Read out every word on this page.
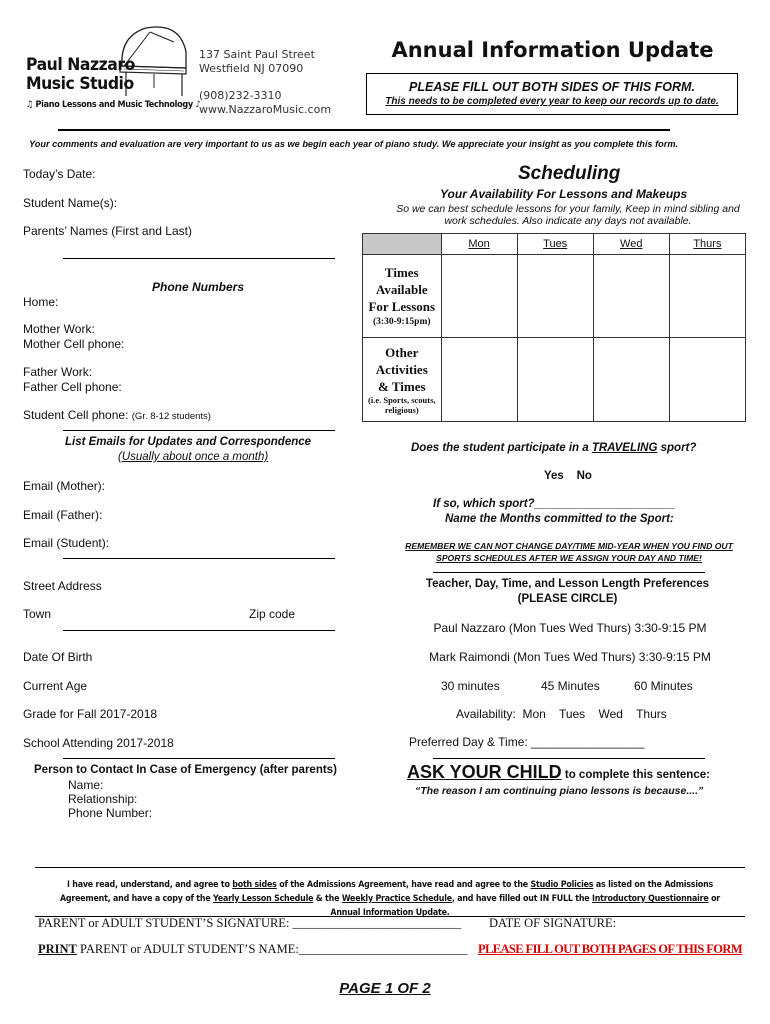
Paul Nazzaro
Music Studio
♫ Piano Lessons and Music Technology ♪
137 Saint Paul Street
Westfield NJ 07090
(908)232-3310
www.NazzaroMusic.com
Annual Information Update
PLEASE FILL OUT BOTH SIDES OF THIS FORM.
This needs to be completed every year to keep our records up to date.
Your comments and evaluation are very important to us as we begin each year of piano study. We appreciate your insight as you complete this form.
Today’s Date:
Student Name(s):
Parents’ Names (First and Last)
Phone Numbers
Home:
Mother Work:
Mother Cell phone:
Father Work:
Father Cell phone:
Student Cell phone: (Gr. 8-12 students)
List Emails for Updates and Correspondence
(Usually about once a month)
Email (Mother):
Email (Father):
Email (Student):
Street Address
Town	Zip code
Date Of Birth
Current Age
Grade for Fall 2017-2018
School Attending 2017-2018
Person to Contact In Case of Emergency (after parents)
Name:
Relationship:
Phone Number:
Scheduling
Your Availability For Lessons and Makeups
So we can best schedule lessons for your family, Keep in mind sibling and work schedules. Also indicate any days not available.
	Mon	Tues	Wed	Thurs

Times
Available
For Lessons
(3:30-9:15pm)				

Other
Activities
& Times
(i.e. Sports, scouts, religious)				

Does the student participate in a TRAVELING sport?
Yes    No
If so, which sport?______________________
Name the Months committed to the Sport:
REMEMBER WE CAN NOT CHANGE DAY/TIME MID-YEAR WHEN YOU FIND OUT SPORTS SCHEDULES AFTER WE ASSIGN YOUR DAY AND TIME!
Teacher, Day, Time, and Lesson Length Preferences
(PLEASE CIRCLE)
Paul Nazzaro (Mon Tues Wed Thurs) 3:30-9:15 PM
Mark Raimondi (Mon Tues Wed Thurs) 3:30-9:15 PM
30 minutes	45 Minutes	60 Minutes
Availability:  Mon    Tues    Wed    Thurs
Preferred Day & Time: _________________
ASK YOUR CHILD to complete this sentence:
“The reason I am continuing piano lessons is because....”
I have read, understand, and agree to both sides of the Admissions Agreement, have read and agree to the Studio Policies as listed on the Admissions Agreement, and have a copy of the Yearly Lesson Schedule & the Weekly Practice Schedule, and have filled out IN FULL the Introductory Questionnaire or Annual Information Update.
PARENT or ADULT STUDENT’S SIGNATURE: ___________________________ DATE OF SIGNATURE:
PRINT PARENT or ADULT STUDENT’S NAME:___________________________ PLEASE FILL OUT BOTH PAGES OF THIS FORM
PAGE 1 OF 2
